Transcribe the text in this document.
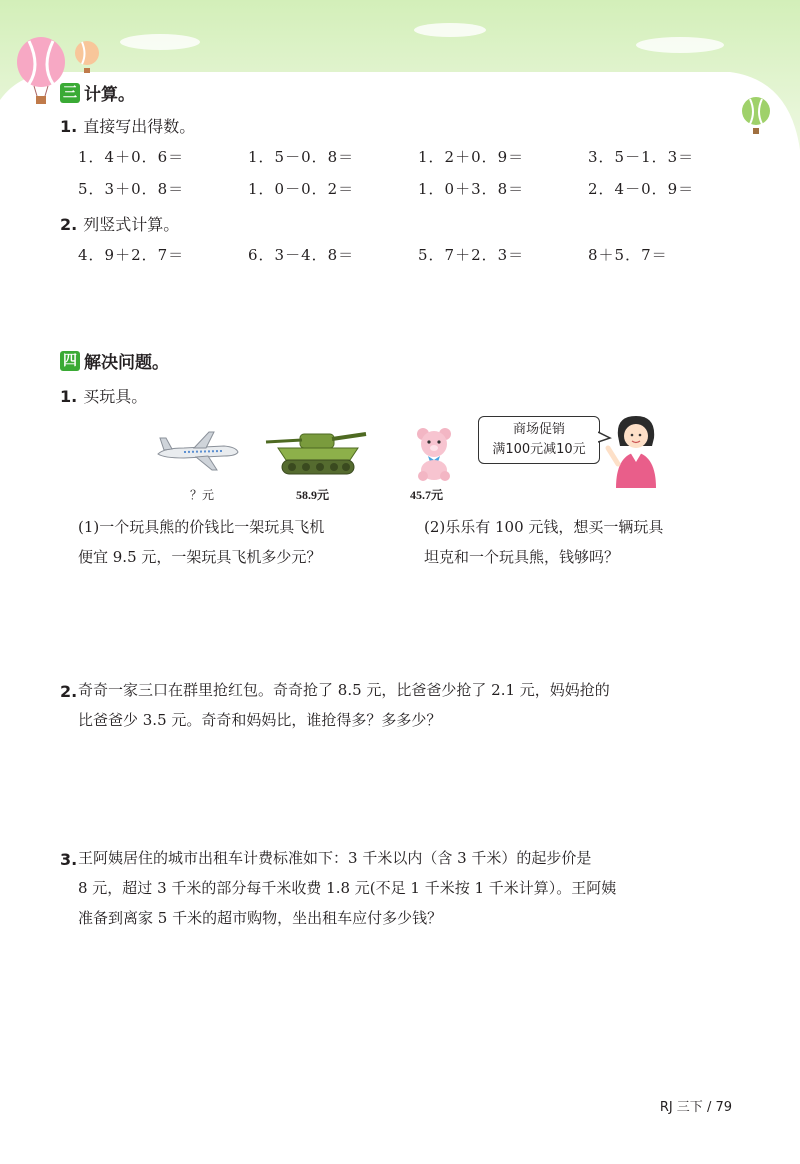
三 计算。
1. 直接写出得数。
1．4＋0．6＝	1．5－0．8＝	1．2＋0．9＝	3．5－1．3＝
5．3＋0．8＝	1．0－0．2＝	1．0＋3．8＝	2．4－0．9＝
2. 列竖式计算。
4．9＋2．7＝	6．3－4．8＝	5．7＋2．3＝	8＋5．7＝
四 解决问题。
1. 买玩具。
？元	58.9元	45.7元
商场促销
满100元减10元
(1)一个玩具熊的价钱比一架玩具飞机
便宜 9.5 元，一架玩具飞机多少元？
(2)乐乐有 100 元钱，想买一辆玩具
坦克和一个玩具熊，钱够吗？
2. 奇奇一家三口在群里抢红包。奇奇抢了 8.5 元，比爸爸少抢了 2.1 元，妈妈抢的
比爸爸少 3.5 元。奇奇和妈妈比，谁抢得多？多多少？
3. 王阿姨居住的城市出租车计费标准如下：3 千米以内（含 3 千米）的起步价是
8 元，超过 3 千米的部分每千米收费 1.8 元(不足 1 千米按 1 千米计算）。王阿姨
准备到离家 5 千米的超市购物，坐出租车应付多少钱？
RJ 三下 / 79
